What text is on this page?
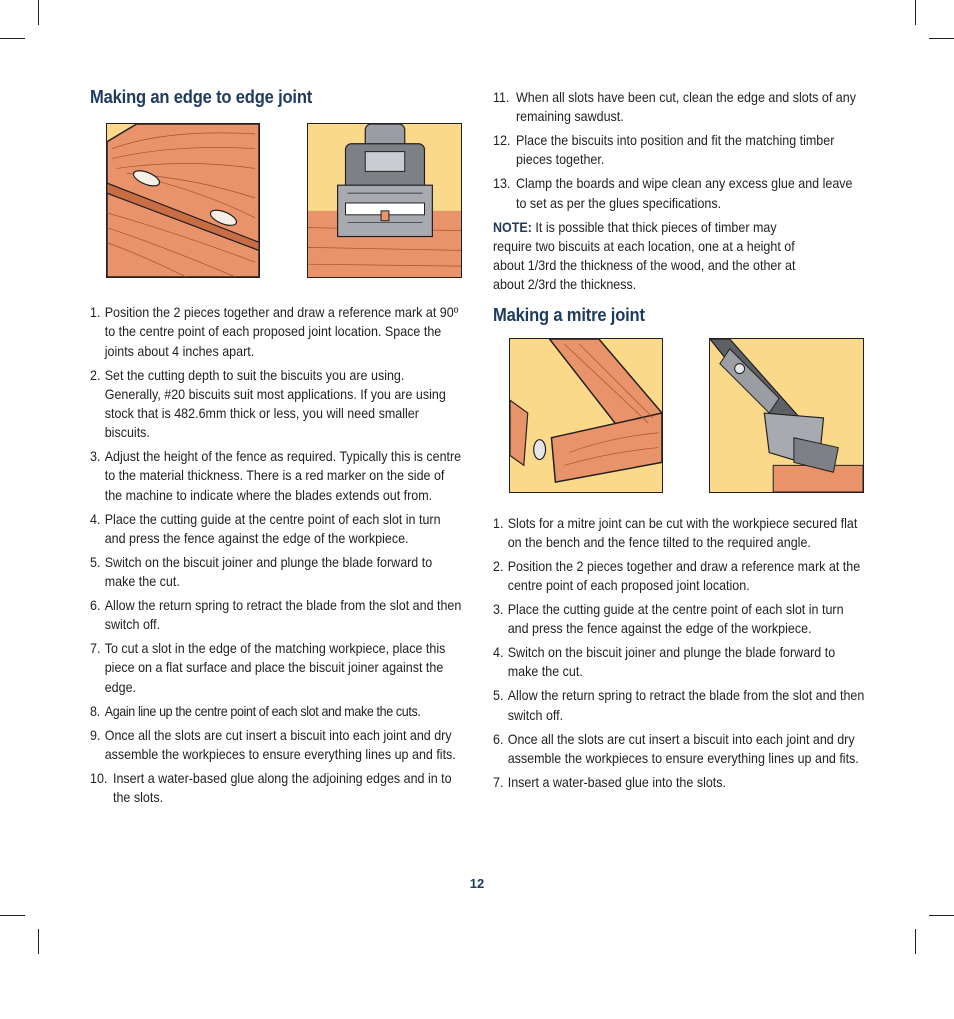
Making an edge to edge joint
1. Position the 2 pieces together and draw a reference mark at 90º to the centre point of each proposed joint location. Space the joints about 4 inches apart.
2. Set the cutting depth to suit the biscuits you are using. Generally, #20 biscuits suit most applications. If you are using stock that is 482.6mm thick or less, you will need smaller biscuits.
3. Adjust the height of the fence as required. Typically this is centre to the material thickness. There is a red marker on the side of the machine to indicate where the blades extends out from.
4. Place the cutting guide at the centre point of each slot in turn and press the fence against the edge of the workpiece.
5. Switch on the biscuit joiner and plunge the blade forward to make the cut.
6. Allow the return spring to retract the blade from the slot and then switch off.
7. To cut a slot in the edge of the matching workpiece, place this piece on a flat surface and place the biscuit joiner against the edge.
8. Again line up the centre point of each slot and make the cuts.
9. Once all the slots are cut insert a biscuit into each joint and dry assemble the workpieces to ensure everything lines up and fits.
10. Insert a water-based glue along the adjoining edges and in to the slots.
11. When all slots have been cut, clean the edge and slots of any remaining sawdust.
12. Place the biscuits into position and fit the matching timber pieces together.
13. Clamp the boards and wipe clean any excess glue and leave to set as per the glues specifications.

NOTE: It is possible that thick pieces of timber may require two biscuits at each location, one at a height of about 1/3rd the thickness of the wood, and the other at about 2/3rd the thickness.

Making a mitre joint
1. Slots for a mitre joint can be cut with the workpiece secured flat on the bench and the fence tilted to the required angle.
2. Position the 2 pieces together and draw a reference mark at the centre point of each proposed joint location.
3. Place the cutting guide at the centre point of each slot in turn and press the fence against the edge of the workpiece.
4. Switch on the biscuit joiner and plunge the blade forward to make the cut.
5. Allow the return spring to retract the blade from the slot and then switch off.
6. Once all the slots are cut insert a biscuit into each joint and dry assemble the workpieces to ensure everything lines up and fits.
7. Insert a water-based glue into the slots.
12
